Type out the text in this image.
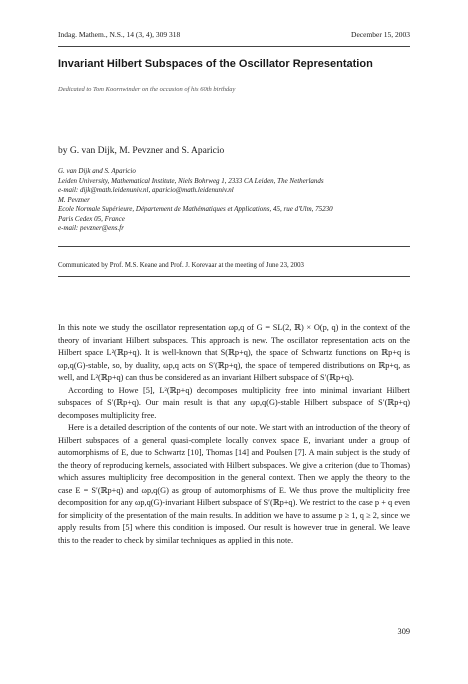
Indag. Mathem., N.S., 14 (3, 4), 309 318	December 15, 2003
Invariant Hilbert Subspaces of the Oscillator Representation
Dedicated to Tom Koornwinder on the occasion of his 60th birthday
by G. van Dijk, M. Pevzner and S. Aparicio
G. van Dijk and S. Aparicio
Leiden University, Mathematical Institute, Niels Bohrweg 1, 2333 CA Leiden, The Netherlands
e-mail: dijk@math.leidenuniv.nl, aparicio@math.leidenuniv.nl
M. Pevzner
Ecole Normale Supérieure, Département de Mathématiques et Applications, 45, rue d'Ulm, 75230
Paris Cedex 05, France
e-mail: pevzner@ens.fr
Communicated by Prof. M.S. Keane and Prof. J. Korevaar at the meeting of June 23, 2003

In this note we study the oscillator representation ωp,q of G = SL(2, ℝ) × O(p, q) in the context of the theory of invariant Hilbert subspaces. This approach is new. The oscillator representation acts on the Hilbert space L²(ℝp+q). It is well-known that S(ℝp+q), the space of Schwartz functions on ℝp+q is ωp,q(G)-stable, so, by duality, ωp,q acts on S′(ℝp+q), the space of tempered distributions on ℝp+q, as well, and L²(ℝp+q) can thus be considered as an invariant Hilbert subspace of S′(ℝp+q).

According to Howe [5], L²(ℝp+q) decomposes multiplicity free into minimal invariant Hilbert subspaces of S′(ℝp+q). Our main result is that any ωp,q(G)-stable Hilbert subspace of S′(ℝp+q) decomposes multiplicity free.

Here is a detailed description of the contents of our note. We start with an introduction of the theory of Hilbert subspaces of a general quasi-complete locally convex space E, invariant under a group of automorphisms of E, due to Schwartz [10], Thomas [14] and Poulsen [7]. A main subject is the study of the theory of reproducing kernels, associated with Hilbert subspaces. We give a criterion (due to Thomas) which assures multiplicity free decomposition in the general context. Then we apply the theory to the case E = S′(ℝp+q) and ωp,q(G) as group of automorphisms of E. We thus prove the multiplicity free decomposition for any ωp,q(G)-invariant Hilbert subspace of S′(ℝp+q). We restrict to the case p + q even for simplicity of the presentation of the main results. In addition we have to assume p ≥ 1, q ≥ 2, since we apply results from [5] where this condition is imposed. Our result is however true in general. We leave this to the reader to check by similar techniques as applied in this note.

309
